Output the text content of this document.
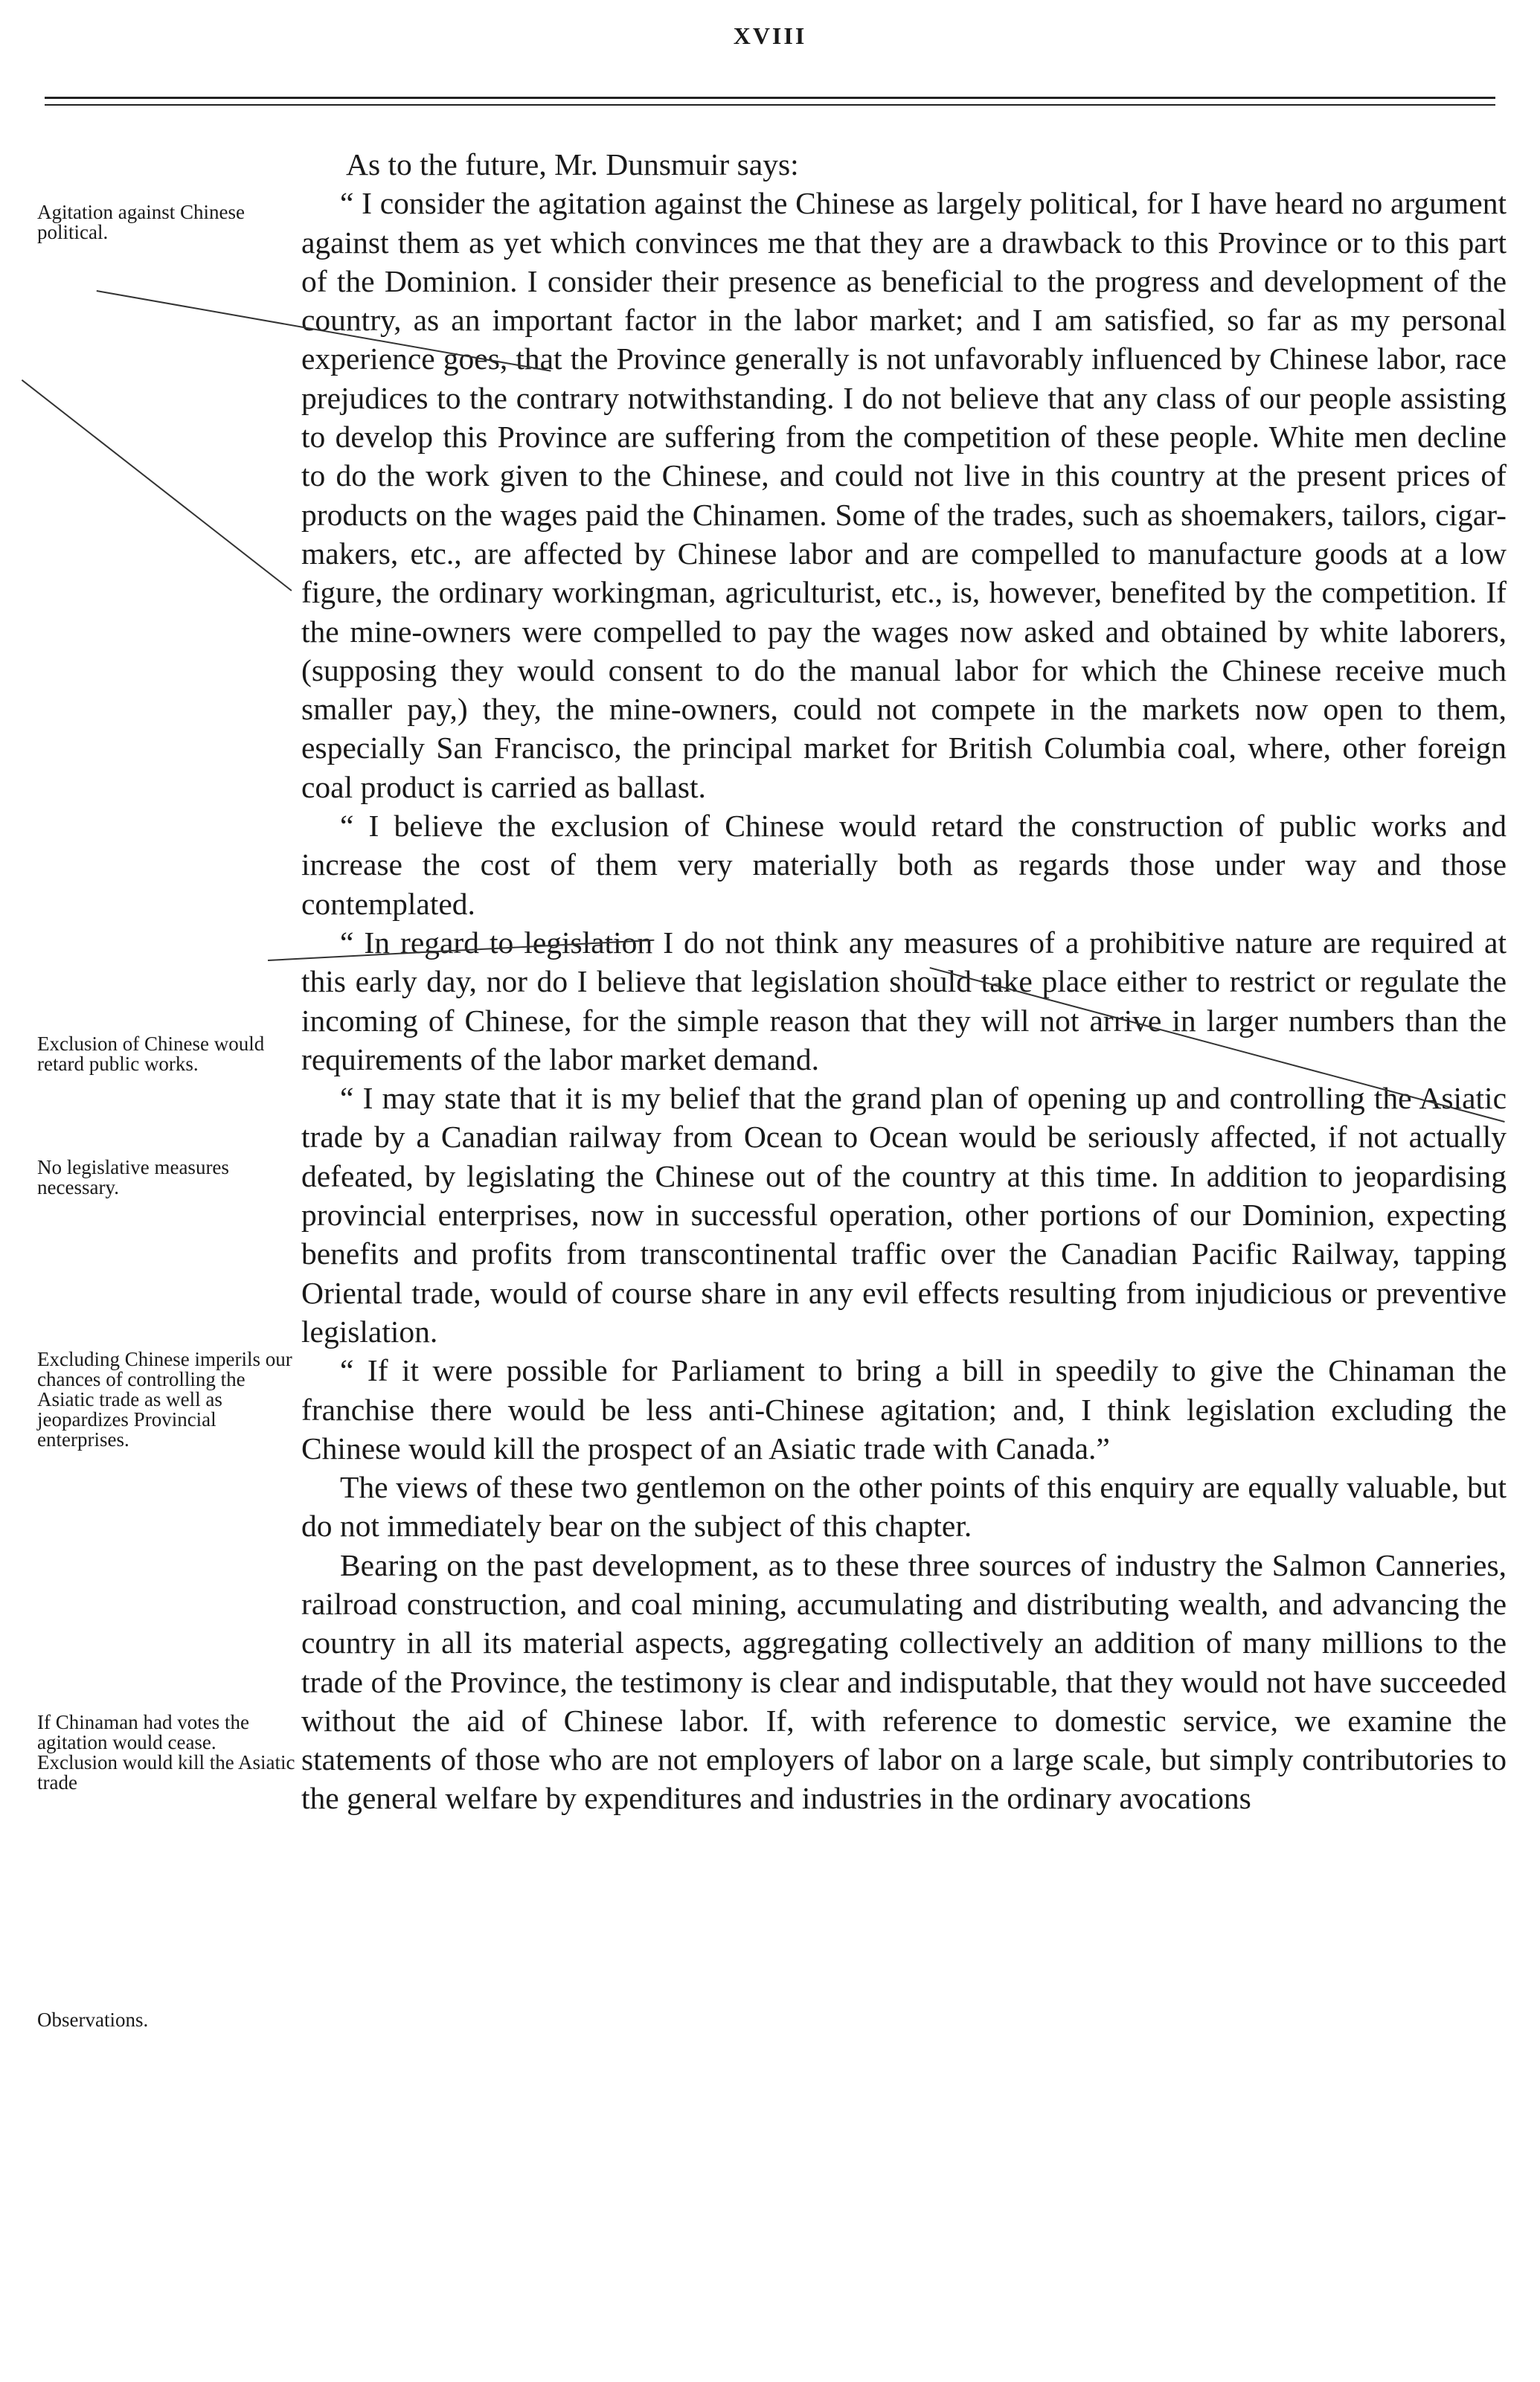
XVIII
Agitation against Chinese political.
Exclusion of Chinese would retard public works.
No legislative measures necessary.
Excluding Chinese imperils our chances of controlling the Asiatic trade as well as jeopardizes Provincial enterprises.
If Chinaman had votes the agitation would cease. Exclusion would kill the Asiatic trade
Observations.

As to the future, Mr. Dunsmuir says:

“ I consider the agitation against the Chinese as largely political, for I have heard no argument against them as yet which convinces me that they are a drawback to this Province or to this part of the Dominion. I consider their presence as beneficial to the progress and development of the country, as an important factor in the labor market; and I am satisfied, so far as my personal experience goes, that the Province generally is not unfavorably influenced by Chinese labor, race prejudices to the contrary notwithstanding. I do not believe that any class of our people assisting to develop this Province are suffering from the competition of these people. White men decline to do the work given to the Chinese, and could not live in this country at the present prices of products on the wages paid the Chinamen. Some of the trades, such as shoemakers, tailors, cigar-makers, etc., are affected by Chinese labor and are compelled to manufacture goods at a low figure, the ordinary workingman, agriculturist, etc., is, however, benefited by the competition. If the mine-owners were compelled to pay the wages now asked and obtained by white laborers, (supposing they would consent to do the manual labor for which the Chinese receive much smaller pay,) they, the mine-owners, could not compete in the markets now open to them, especially San Francisco, the principal market for British Columbia coal, where, other foreign coal product is carried as ballast.

“ I believe the exclusion of Chinese would retard the construction of public works and increase the cost of them very materially both as regards those under way and those contemplated.

“ In regard to legislation I do not think any measures of a prohibitive nature are required at this early day, nor do I believe that legislation should take place either to restrict or regulate the incoming of Chinese, for the simple reason that they will not arrive in larger numbers than the requirements of the labor market demand.

“ I may state that it is my belief that the grand plan of opening up and controlling the Asiatic trade by a Canadian railway from Ocean to Ocean would be seriously affected, if not actually defeated, by legislating the Chinese out of the country at this time. In addition to jeopardising provincial enterprises, now in successful operation, other portions of our Dominion, expecting benefits and profits from transcontinental traffic over the Canadian Pacific Railway, tapping Oriental trade, would of course share in any evil effects resulting from injudicious or preventive legislation.

“ If it were possible for Parliament to bring a bill in speedily to give the Chinaman the franchise there would be less anti-Chinese agitation; and, I think legislation excluding the Chinese would kill the prospect of an Asiatic trade with Canada.”

The views of these two gentlemon on the other points of this enquiry are equally valuable, but do not immediately bear on the subject of this chapter.

Bearing on the past development, as to these three sources of industry the Salmon Canneries, railroad construction, and coal mining, accumulating and distributing wealth, and advancing the country in all its material aspects, aggregating collectively an addition of many millions to the trade of the Province, the testimony is clear and indisputable, that they would not have succeeded without the aid of Chinese labor. If, with reference to domestic service, we examine the statements of those who are not employers of labor on a large scale, but simply contributories to the general welfare by expenditures and industries in the ordinary avocations
